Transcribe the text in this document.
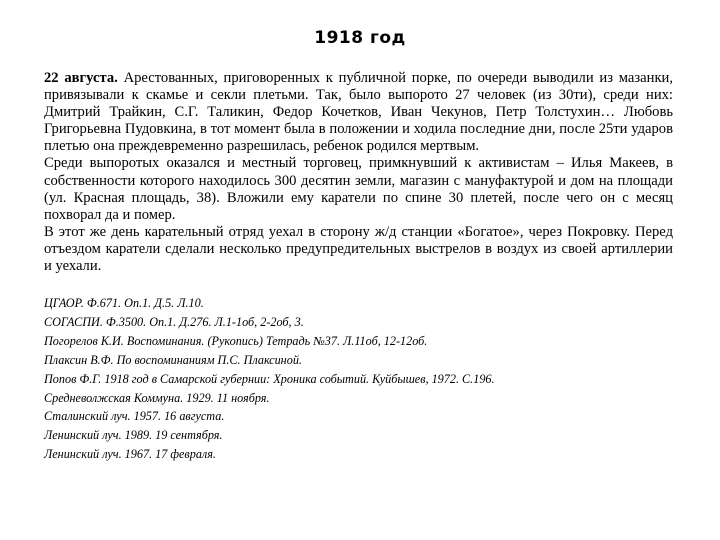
1918 год

22 августа. Арестованных, приговоренных к публичной порке, по очереди выводили из мазанки, привязывали к скамье и секли плетьми. Так, было выпорото 27 человек (из 30ти), среди них: Дмитрий Трайкин, С.Г. Таликин, Федор Кочетков, Иван Чекунов, Петр Толстухин… Любовь Григорьевна Пудовкина, в тот момент была в положении и ходила последние дни, после 25ти ударов плетью она преждевременно разрешилась, ребенок родился мертвым.

Среди выпоротых оказался и местный торговец, примкнувший к активистам – Илья Макеев, в собственности которого находилось 300 десятин земли, магазин с мануфактурой и дом на площади (ул. Красная площадь, 38). Вложили ему каратели по спине 30 плетей, после чего он с месяц похворал да и помер.

В этот же день карательный отряд уехал в сторону ж/д станции «Богатое», через Покровку. Перед отъездом каратели сделали несколько предупредительных выстрелов в воздух из своей артиллерии и уехали.

ЦГАОР. Ф.671. Оп.1. Д.5. Л.10.
СОГАСПИ. Ф.3500. Оп.1. Д.276. Л.1-1об, 2-2об, 3.
Погорелов К.И. Воспоминания. (Рукопись) Тетрадь №37. Л.11об, 12-12об.
Плаксин В.Ф. По воспоминаниям П.С. Плаксиной.
Попов Ф.Г. 1918 год в Самарской губернии: Хроника событий. Куйбышев, 1972. С.196.
Средневолжская Коммуна. 1929. 11 ноября.
Сталинский луч. 1957. 16 августа.
Ленинский луч. 1989. 19 сентября.
Ленинский луч. 1967. 17 февраля.
